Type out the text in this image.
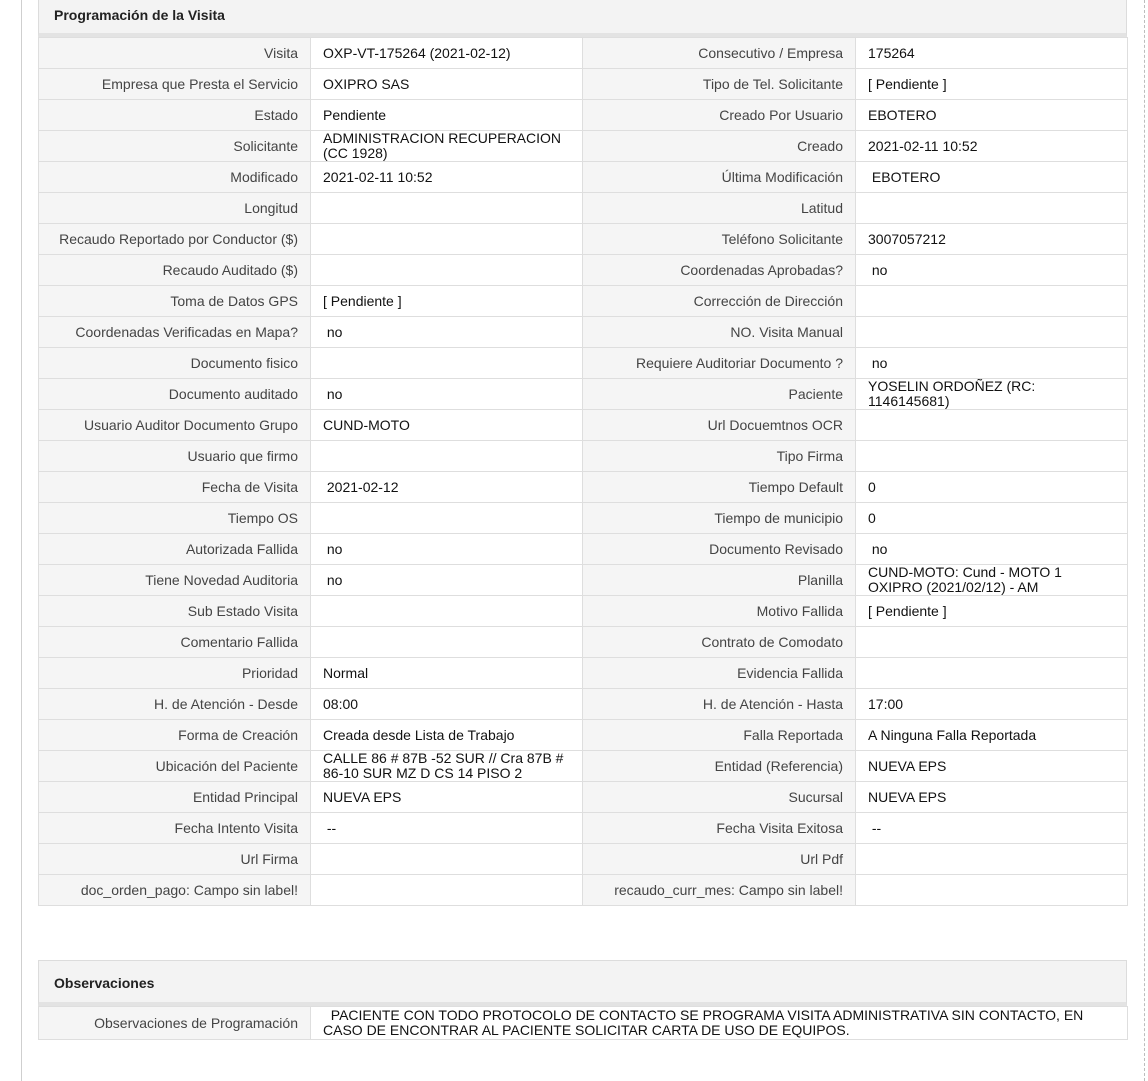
Programación de la Visita
Visita	OXP-VT-175264 (2021-02-12)	Consecutivo / Empresa	175264
Empresa que Presta el Servicio	OXIPRO SAS	Tipo de Tel. Solicitante	[ Pendiente ]
Estado	Pendiente	Creado Por Usuario	EBOTERO
Solicitante	ADMINISTRACION RECUPERACION (CC 1928)	Creado	2021-02-11 10:52
Modificado	2021-02-11 10:52	Última Modificación	EBOTERO
Longitud		Latitud	
Recaudo Reportado por Conductor ($)		Teléfono Solicitante	3007057212
Recaudo Auditado ($)		Coordenadas Aprobadas?	no
Toma de Datos GPS	[ Pendiente ]	Corrección de Dirección	
Coordenadas Verificadas en Mapa?	no	NO. Visita Manual	
Documento fisico		Requiere Auditoriar Documento ?	no
Documento auditado	no	Paciente	YOSELIN ORDOÑEZ (RC: 1146145681)
Usuario Auditor Documento Grupo	CUND-MOTO	Url Docuemtnos OCR	
Usuario que firmo		Tipo Firma	
Fecha de Visita	2021-02-12	Tiempo Default	0
Tiempo OS		Tiempo de municipio	0
Autorizada Fallida	no	Documento Revisado	no
Tiene Novedad Auditoria	no	Planilla	CUND-MOTO: Cund - MOTO 1 OXIPRO (2021/02/12) - AM
Sub Estado Visita		Motivo Fallida	[ Pendiente ]
Comentario Fallida		Contrato de Comodato	
Prioridad	Normal	Evidencia Fallida	
H. de Atención - Desde	08:00	H. de Atención - Hasta	17:00
Forma de Creación	Creada desde Lista de Trabajo	Falla Reportada	A Ninguna Falla Reportada
Ubicación del Paciente	CALLE 86 # 87B -52 SUR // Cra 87B # 86-10 SUR MZ D CS 14 PISO 2	Entidad (Referencia)	NUEVA EPS
Entidad Principal	NUEVA EPS	Sucursal	NUEVA EPS
Fecha Intento Visita	--	Fecha Visita Exitosa	--
Url Firma		Url Pdf	
doc_orden_pago: Campo sin label!		recaudo_curr_mes: Campo sin label!	
Observaciones
Observaciones de Programación	PACIENTE CON TODO PROTOCOLO DE CONTACTO SE PROGRAMA VISITA ADMINISTRATIVA SIN CONTACTO, EN CASO DE ENCONTRAR AL PACIENTE SOLICITAR CARTA DE USO DE EQUIPOS.
